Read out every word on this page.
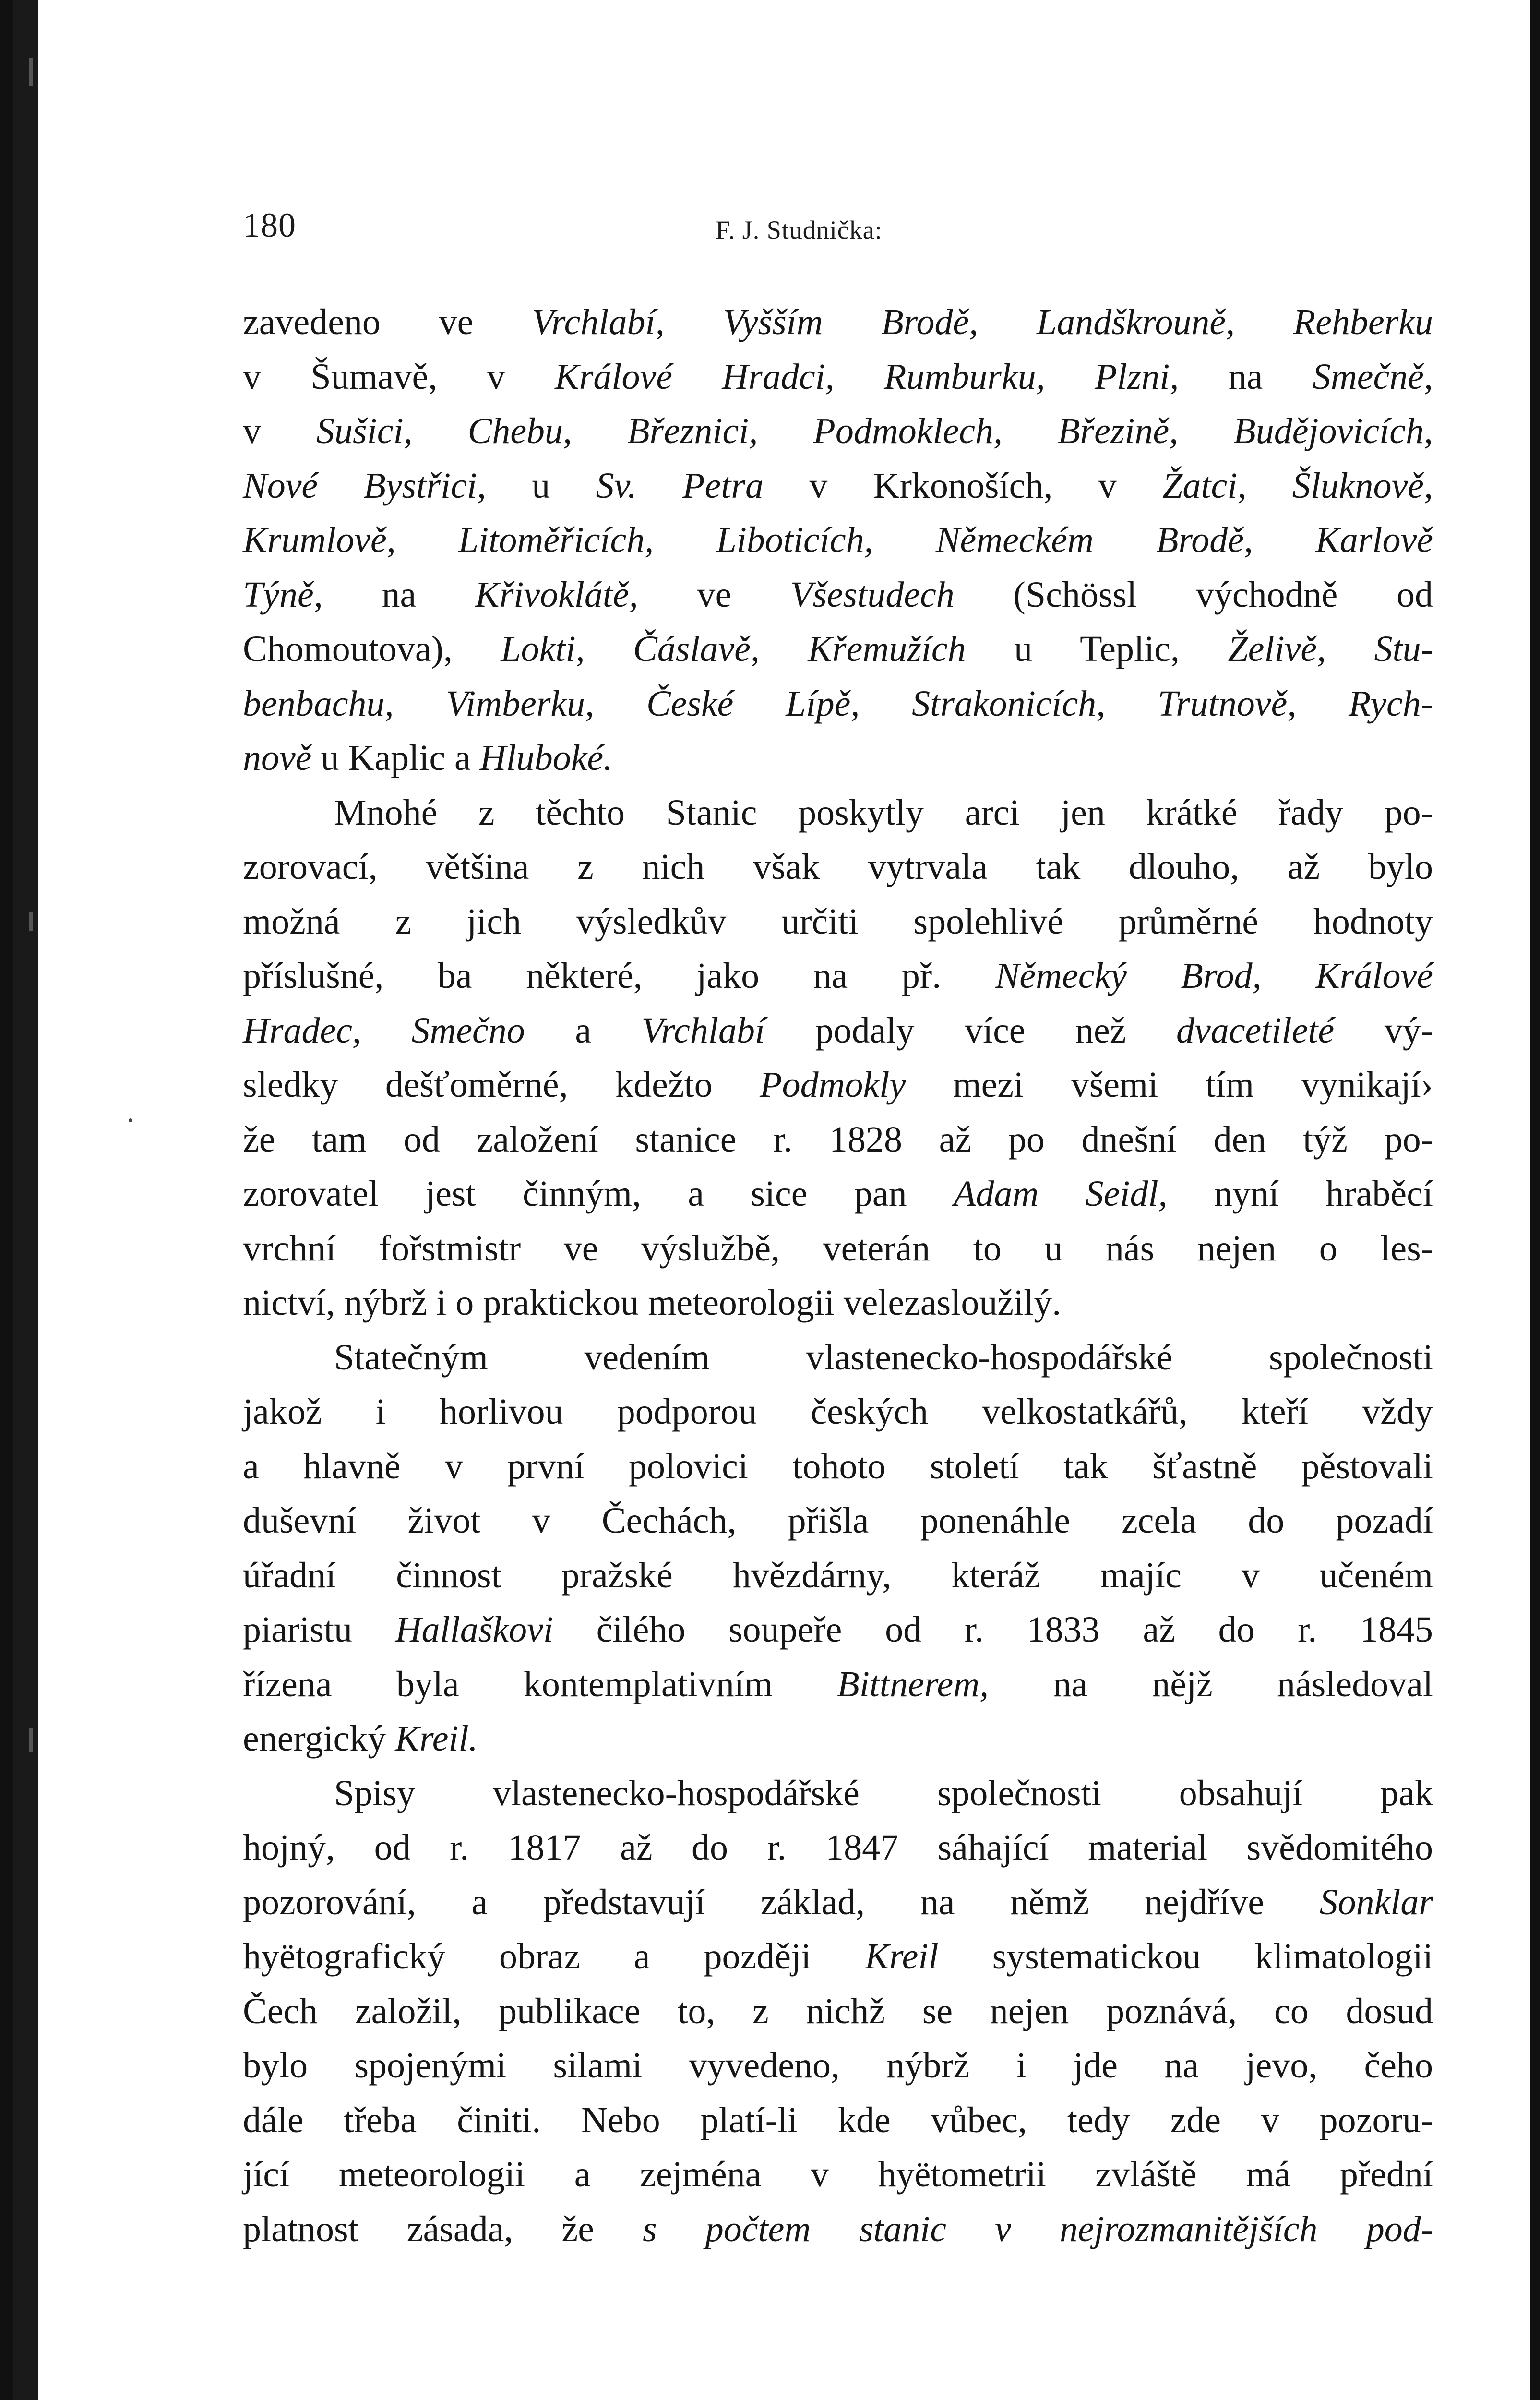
180	F. J. Studnička:
zavedeno ve Vrchlabí, Vyšším Brodě, Landškrouně, Rehberku
v Šumavě, v Králové Hradci, Rumburku, Plzni, na Smečně,
v Sušici, Chebu, Březnici, Podmoklech, Březině, Budějovicích,
Nové Bystřici, u Sv. Petra v Krkonoších, v Žatci, Šluknově,
Krumlově, Litoměřicích, Liboticích, Německém Brodě, Karlově
Týně, na Křivoklátě, ve Všestudech (Schössl východně od
Chomoutova), Lokti, Čáslavě, Křemužích u Teplic, Želivě, Stu-
benbachu, Vimberku, České Lípě, Strakonicích, Trutnově, Rych-
nově u Kaplic a Hluboké.
Mnohé z těchto Stanic poskytly arci jen krátké řady po-
zorovací, většina z nich však vytrvala tak dlouho, až bylo
možná z jich výsledkův určiti spolehlivé průměrné hodnoty
příslušné, ba některé, jako na př. Německý Brod, Králové
Hradec, Smečno a Vrchlabí podaly více než dvacetileté vý-
sledky dešťoměrné, kdežto Podmokly mezi všemi tím vynikají›
že tam od založení stanice r. 1828 až po dnešní den týž po-
zorovatel jest činným, a sice pan Adam Seidl, nyní hraběcí
vrchní fořstmistr ve výslužbě, veterán to u nás nejen o les-
nictví, nýbrž i o praktickou meteorologii velezasloužilý.
Statečným vedením vlastenecko-hospodářské společnosti
jakož i horlivou podporou českých velkostatkářů, kteří vždy
a hlavně v první polovici tohoto století tak šťastně pěstovali
duševní život v Čechách, přišla ponenáhle zcela do pozadí
úřadní činnost pražské hvězdárny, kteráž majíc v učeném
piaristu Hallaškovi čilého soupeře od r. 1833 až do r. 1845
řízena byla kontemplativním Bittnerem, na nějž následoval
energický Kreil.
Spisy vlastenecko-hospodářské společnosti obsahují pak
hojný, od r. 1817 až do r. 1847 sáhající material svědomitého
pozorování, a představují základ, na němž nejdříve Sonklar
hyëtografický obraz a později Kreil systematickou klimatologii
Čech založil, publikace to, z nichž se nejen poznává, co dosud
bylo spojenými silami vyvedeno, nýbrž i jde na jevo, čeho
dále třeba činiti. Nebo platí-li kde vůbec, tedy zde v pozoru-
jící meteorologii a zejména v hyëtometrii zvláště má přední
platnost zásada, že s počtem stanic v nejrozmanitějších pod-
